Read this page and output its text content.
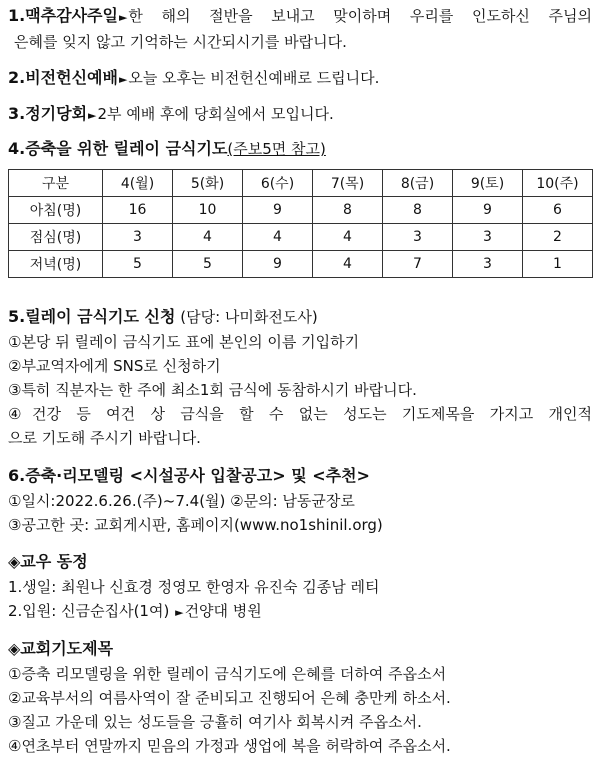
1.맥추감사주일►한 해의 절반을 보내고 맞이하며 우리를 인도하신 주님의
은혜를 잊지 않고 기억하는 시간되시기를 바랍니다.
2.비전헌신예배►오늘 오후는 비전헌신예배로 드립니다.
3.정기당회►2부 예배 후에 당회실에서 모입니다.
4.증축을 위한 릴레이 금식기도(주보5면 참고)
구분	4(월)	5(화)	6(수)	7(목)	8(금)	9(토)	10(주)
아침(명)	16	10	9	8	8	9	6
점심(명)	3	4	4	4	3	3	2
저녁(명)	5	5	9	4	7	3	1
5.릴레이 금식기도 신청 (담당: 나미화전도사)
①본당 뒤 릴레이 금식기도 표에 본인의 이름 기입하기
②부교역자에게 SNS로 신청하기
③특히 직분자는 한 주에 최소1회 금식에 동참하시기 바랍니다.
④건강 등 여건 상 금식을 할 수 없는 성도는 기도제목을 가지고 개인적
으로 기도해 주시기 바랍니다.
6.증축·리모델링 <시설공사 입찰공고> 및 <추천>
①일시:2022.6.26.(주)~7.4(월) ②문의: 남동균장로
③공고한 곳: 교회게시판, 홈페이지(www.no1shinil.org)
◈교우 동정
1.생일: 최원나 신효경 정영모 한영자 유진숙 김종남 레티
2.입원: 신금순집사(1여) ►건양대 병원
◈교회기도제목
①증축 리모델링을 위한 릴레이 금식기도에 은혜를 더하여 주옵소서
②교육부서의 여름사역이 잘 준비되고 진행되어 은혜 충만케 하소서.
③질고 가운데 있는 성도들을 긍휼히 여기사 회복시켜 주옵소서.
④연초부터 연말까지 믿음의 가정과 생업에 복을 허락하여 주옵소서.
